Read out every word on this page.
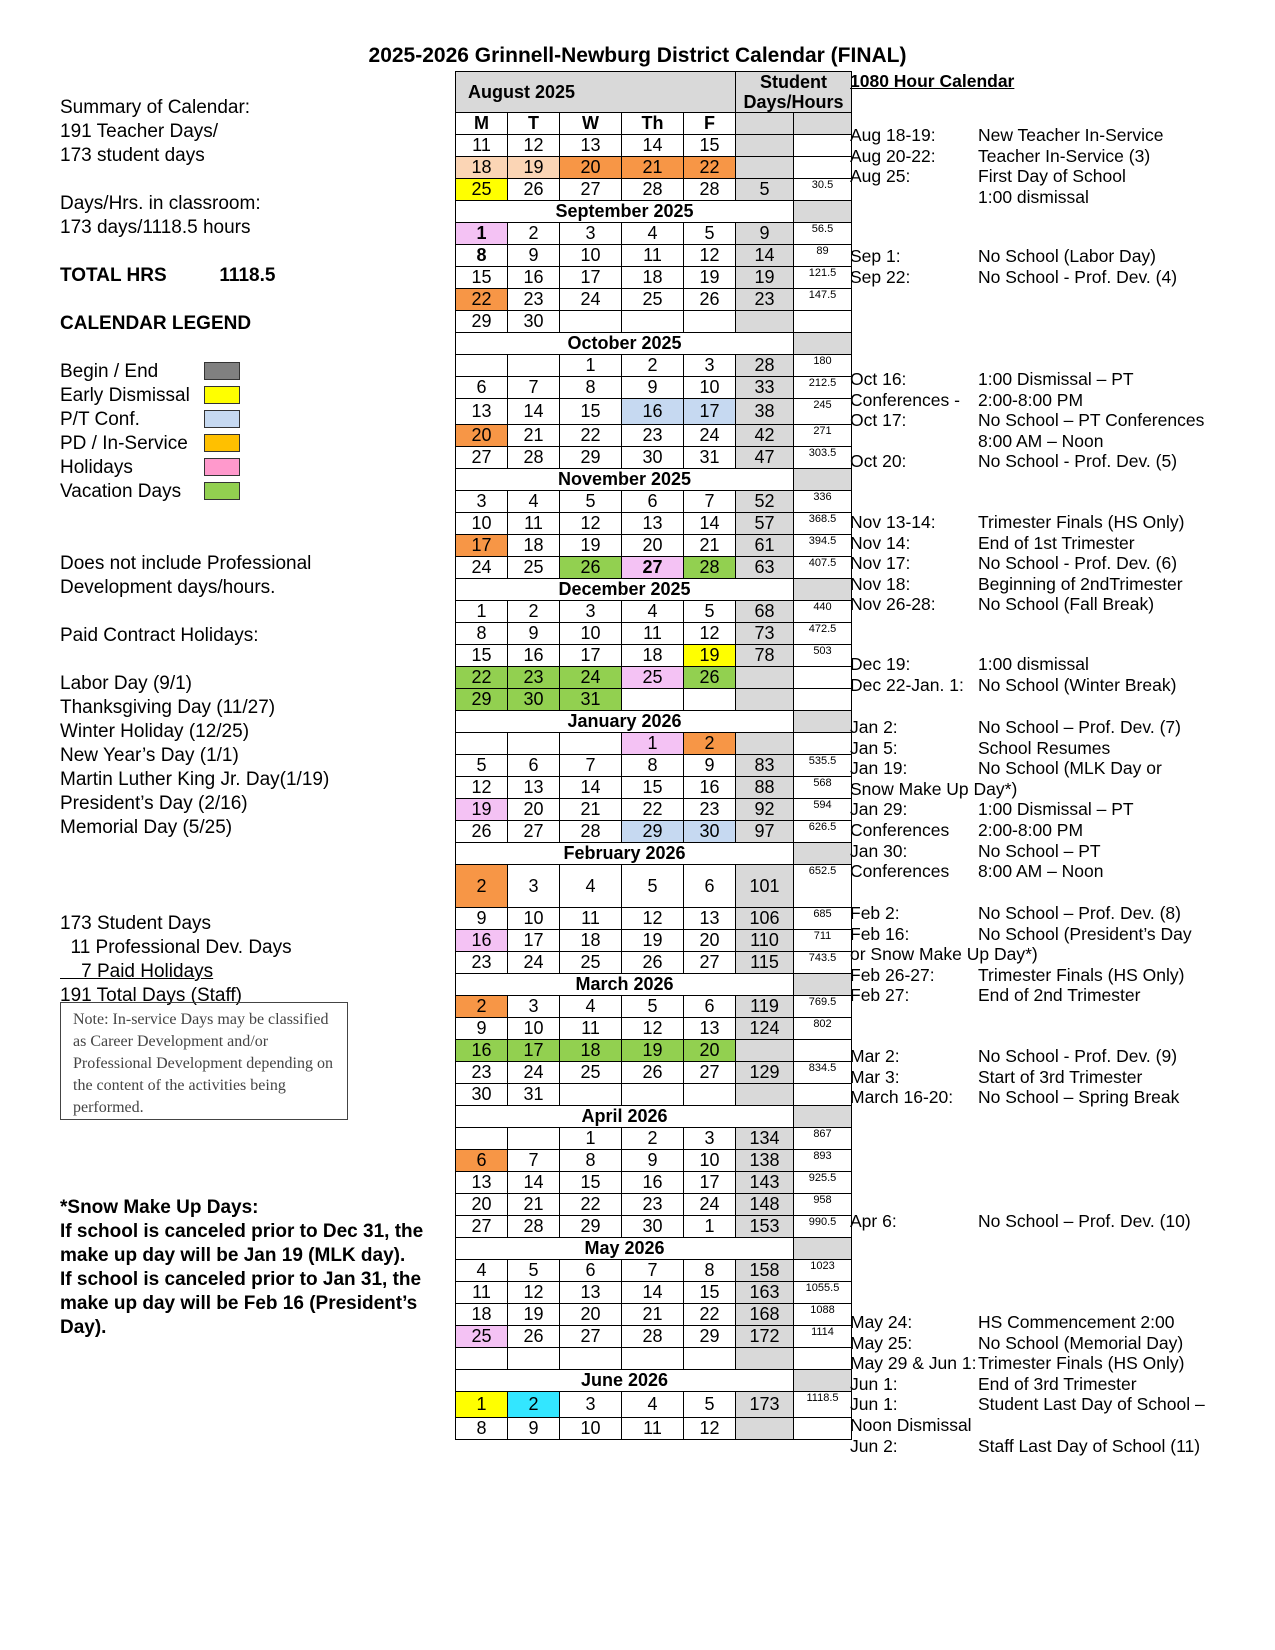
2025-2026 Grinnell-Newburg District Calendar (FINAL)
Summary of Calendar:
191 Teacher Days/
173 student days
Days/Hrs. in classroom:
173 days/1118.5 hours
TOTAL HRS          1118.5
CALENDAR LEGEND
Begin / End
Early Dismissal
P/T Conf.
PD / In-Service
Holidays
Vacation Days
Does not include Professional
Development days/hours.
Paid Contract Holidays:
Labor Day (9/1)
Thanksgiving Day (11/27)
Winter Holiday (12/25)
New Year’s Day (1/1)
Martin Luther King Jr. Day(1/19)
President’s Day (2/16)
Memorial Day (5/25)
173 Student Days
11 Professional Dev. Days
7 Paid Holidays
191 Total Days (Staff)
Note: In-service Days may be classified as Career Development and/or Professional Development depending on the content of the activities being performed.
*Snow Make Up Days:
If school is canceled prior to Dec 31, the
make up day will be Jan 19 (MLK day).
If school is canceled prior to Jan 31, the
make up day will be Feb 16 (President’s
Day).
August 2025					Student Days/Hours	
M	T	W	Th	F		
11	12	13	14	15		
18	19	20	21	22		
25	26	27	28	28	5	30.5
September 2025						
1	2	3	4	5	9	56.5
8	9	10	11	12	14	89
15	16	17	18	19	19	121.5
22	23	24	25	26	23	147.5
29	30					
October 2025						
		1	2	3	28	180
6	7	8	9	10	33	212.5
13	14	15	16	17	38	245
20	21	22	23	24	42	271
27	28	29	30	31	47	303.5
November 2025						
3	4	5	6	7	52	336
10	11	12	13	14	57	368.5
17	18	19	20	21	61	394.5
24	25	26	27	28	63	407.5
December 2025						
1	2	3	4	5	68	440
8	9	10	11	12	73	472.5
15	16	17	18	19	78	503
22	23	24	25	26		
29	30	31				
January 2026						
			1	2		
5	6	7	8	9	83	535.5
12	13	14	15	16	88	568
19	20	21	22	23	92	594
26	27	28	29	30	97	626.5
February 2026						
2	3	4	5	6	101	652.5
9	10	11	12	13	106	685
16	17	18	19	20	110	711
23	24	25	26	27	115	743.5
March 2026						
2	3	4	5	6	119	769.5
9	10	11	12	13	124	802
16	17	18	19	20		
23	24	25	26	27	129	834.5
30	31					
April 2026						
		1	2	3	134	867
6	7	8	9	10	138	893
13	14	15	16	17	143	925.5
20	21	22	23	24	148	958
27	28	29	30	1	153	990.5
May 2026						
4	5	6	7	8	158	1023
11	12	13	14	15	163	1055.5
18	19	20	21	22	168	1088
25	26	27	28	29	172	1114

June 2026						
1	2	3	4	5	173	1118.5
8	9	10	11	12		
1080 Hour Calendar
Aug 18-19: New Teacher In-Service
Aug 20-22: Teacher In-Service (3)
Aug 25:	First Day of School
1:00 dismissal
Sep 1:	No School (Labor Day)
Sep 22:	No School - Prof. Dev. (4)
Oct 16:	1:00 Dismissal – PT
Conferences - 2:00-8:00 PM
Oct 17:	No School – PT Conferences
8:00 AM – Noon
Oct 20:	No School - Prof. Dev. (5)
Nov 13-14: Trimester Finals (HS Only)
Nov 14:	End of 1st Trimester
Nov 17:	No School - Prof. Dev. (6)
Nov 18:	Beginning of 2ndTrimester
Nov 26-28: No School (Fall Break)
Dec 19:	1:00 dismissal
Dec 22-Jan. 1: No School (Winter Break)
Jan 2:	No School – Prof. Dev. (7)
Jan 5:	School Resumes
Jan 19:	No School (MLK Day or
Snow Make Up Day*)
Jan 29:	1:00 Dismissal – PT
Conferences 2:00-8:00 PM
Jan 30:	No School – PT
Conferences 8:00 AM – Noon
Feb 2:	No School – Prof. Dev. (8)
Feb 16:	No School (President’s Day
or Snow Make Up Day*)
Feb 26-27: Trimester Finals (HS Only)
Feb 27:	End of 2nd Trimester
Mar 2:	No School - Prof. Dev. (9)
Mar 3:	Start of 3rd Trimester
March 16-20: No School – Spring Break
Apr 6:	No School – Prof. Dev. (10)
May 24:	HS Commencement 2:00
May 25:	No School (Memorial Day)
May 29 & Jun 1: Trimester Finals (HS Only)
Jun 1:	End of 3rd Trimester
Jun 1:	Student Last Day of School –
Noon Dismissal
Jun 2:	Staff Last Day of School (11)
